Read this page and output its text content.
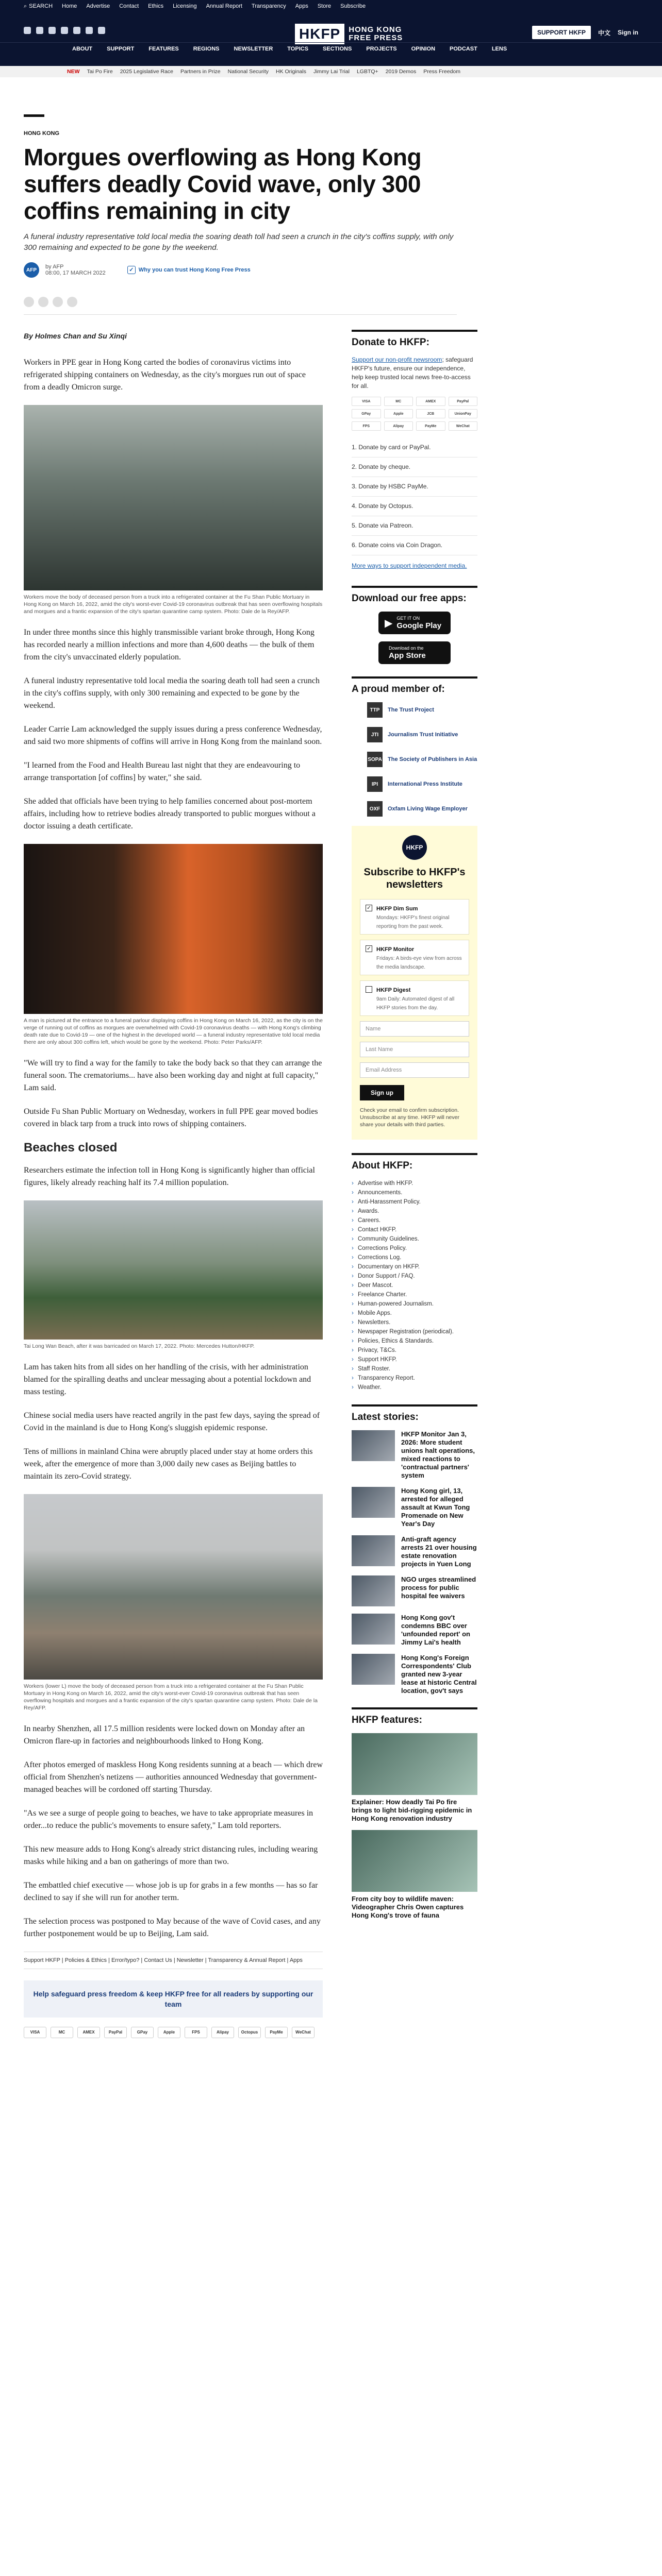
⌕ SEARCH Home Advertise Contact Ethics Licensing Annual Report Transparency Apps Store Subscribe
HKFP	HONG KONG
FREE PRESS
SUPPORT HKFP	中文 Sign in
ABOUT	SUPPORT	FEATURES	REGIONS	NEWSLETTER	TOPICS	SECTIONS	PROJECTS	OPINION	PODCAST	LENS
NEW Tai Po Fire 2025 Legislative Race Partners in Prize National Security HK Originals Jimmy Lai Trial LGBTQ+ 2019 Demos Press Freedom
HONG KONG
Morgues overflowing as Hong Kong suffers deadly Covid wave, only 300 coffins remaining in city

A funeral industry representative told local media the soaring death toll had seen a crunch in the city's coffins supply, with only 300 remaining and expected to be gone by the weekend.

AFP	by AFP
08:00, 17 MARCH 2022	✓ Why you can trust Hong Kong Free Press
By Holmes Chan and Su Xinqi

Workers in PPE gear in Hong Kong carted the bodies of coronavirus victims into refrigerated shipping containers on Wednesday, as the city's morgues run out of space from a deadly Omicron surge.

Workers move the body of deceased person from a truck into a refrigerated container at the Fu Shan Public Mortuary in Hong Kong on March 16, 2022, amid the city's worst-ever Covid-19 coronavirus outbreak that has seen overflowing hospitals and morgues and a frantic expansion of the city's spartan quarantine camp system. Photo: Dale de la Rey/AFP.

In under three months since this highly transmissible variant broke through, Hong Kong has recorded nearly a million infections and more than 4,600 deaths — the bulk of them from the city's unvaccinated elderly population.

A funeral industry representative told local media the soaring death toll had seen a crunch in the city's coffins supply, with only 300 remaining and expected to be gone by the weekend.

Leader Carrie Lam acknowledged the supply issues during a press conference Wednesday, and said two more shipments of coffins will arrive in Hong Kong from the mainland soon.

"I learned from the Food and Health Bureau last night that they are endeavouring to arrange transportation [of coffins] by water," she said.

She added that officials have been trying to help families concerned about post-mortem affairs, including how to retrieve bodies already transported to public morgues without a doctor issuing a death certificate.

A man is pictured at the entrance to a funeral parlour displaying coffins in Hong Kong on March 16, 2022, as the city is on the verge of running out of coffins as morgues are overwhelmed with Covid-19 coronavirus deaths — with Hong Kong's climbing death rate due to Covid-19 — one of the highest in the developed world — a funeral industry representative told local media there are only about 300 coffins left, which would be gone by the weekend. Photo: Peter Parks/AFP.

"We will try to find a way for the family to take the body back so that they can arrange the funeral soon. The crematoriums... have also been working day and night at full capacity," Lam said.

Outside Fu Shan Public Mortuary on Wednesday, workers in full PPE gear moved bodies covered in black tarp from a truck into rows of shipping containers.

Beaches closed

Researchers estimate the infection toll in Hong Kong is significantly higher than official figures, likely already reaching half its 7.4 million population.

Tai Long Wan Beach, after it was barricaded on March 17, 2022. Photo: Mercedes Hutton/HKFP.

Lam has taken hits from all sides on her handling of the crisis, with her administration blamed for the spiralling deaths and unclear messaging about a potential lockdown and mass testing.

Chinese social media users have reacted angrily in the past few days, saying the spread of Covid in the mainland is due to Hong Kong's sluggish epidemic response.

Tens of millions in mainland China were abruptly placed under stay at home orders this week, after the emergence of more than 3,000 daily new cases as Beijing battles to maintain its zero-Covid strategy.

Workers (lower L) move the body of deceased person from a truck into a refrigerated container at the Fu Shan Public Mortuary in Hong Kong on March 16, 2022, amid the city's worst-ever Covid-19 coronavirus outbreak that has seen overflowing hospitals and morgues and a frantic expansion of the city's spartan quarantine camp system. Photo: Dale de la Rey/AFP.

In nearby Shenzhen, all 17.5 million residents were locked down on Monday after an Omicron flare-up in factories and neighbourhoods linked to Hong Kong.

After photos emerged of maskless Hong Kong residents sunning at a beach — which drew official from Shenzhen's netizens — authorities announced Wednesday that government-managed beaches will be cordoned off starting Thursday.

"As we see a surge of people going to beaches, we have to take appropriate measures in order...to reduce the public's movements to ensure safety," Lam told reporters.

This new measure adds to Hong Kong's already strict distancing rules, including wearing masks while hiking and a ban on gatherings of more than two.

The embattled chief executive — whose job is up for grabs in a few months — has so far declined to say if she will run for another term.

The selection process was postponed to May because of the wave of Covid cases, and any further postponement would be up to Beijing, Lam said.

Support HKFP | Policies & Ethics | Error/typo? | Contact Us | Newsletter | Transparency & Annual Report | Apps
Help safeguard press freedom & keep HKFP free for all readers by supporting our team
VISA	MC	AMEX	PayPal	GPay	Apple	FPS	Alipay	Octopus	PayMe	WeChat
Donate to HKFP:
Support our non-profit newsroom; safeguard HKFP's future, ensure our independence, help keep trusted local news free-to-access for all.
VISA	MC	AMEX	PayPal
GPay	Apple	JCB	UnionPay
FPS	Alipay	PayMe	WeChat
1. Donate by card or PayPal.
2. Donate by cheque.
3. Donate by HSBC PayMe.
4. Donate by Octopus.
5. Donate via Patreon.
6. Donate coins via Coin Dragon.
More ways to support independent media.
Download our free apps:
▶ GET IT ON
Google Play
Download on the
App Store
A proud member of:
TTP	The Trust Project
JTI	Journalism Trust Initiative
SOPA The Society of Publishers in Asia
IPI	International Press Institute
OXF	Oxfam Living Wage Employer
HKFP
Subscribe to HKFP's newsletters
✓ HKFP Dim Sum
Mondays: HKFP's finest original reporting from the past week.
✓ HKFP Monitor
Fridays: A birds-eye view from across the media landscape.
HKFP Digest
9am Daily: Automated digest of all HKFP stories from the day.
Name
Last Name
Email Address
Sign up
Check your email to confirm subscription. Unsubscribe at any time. HKFP will never share your details with third parties.
About HKFP:
› Advertise with HKFP.
› Announcements.
› Anti-Harassment Policy.
› Awards.
› Careers.
› Contact HKFP.
› Community Guidelines.
› Corrections Policy.
› Corrections Log.
› Documentary on HKFP.
› Donor Support / FAQ.
› Deer Mascot.
› Freelance Charter.
› Human-powered Journalism.
› Mobile Apps.
› Newsletters.
› Newspaper Registration (periodical).
› Policies, Ethics & Standards.
› Privacy, T&Cs.
› Support HKFP.
› Staff Roster.
› Transparency Report.
› Weather.
Latest stories:
HKFP Monitor Jan 3, 2026: More student unions halt operations, mixed reactions to 'contractual partners' system
Hong Kong girl, 13, arrested for alleged assault at Kwun Tong Promenade on New Year's Day
Anti-graft agency arrests 21 over housing estate renovation projects in Yuen Long
NGO urges streamlined process for public hospital fee waivers
Hong Kong gov't condemns BBC over 'unfounded report' on Jimmy Lai's health
Hong Kong's Foreign Correspondents' Club granted new 3-year lease at historic Central location, gov't says
HKFP features:
Explainer: How deadly Tai Po fire brings to light bid-rigging epidemic in Hong Kong renovation industry
From city boy to wildlife maven: Videographer Chris Owen captures Hong Kong's trove of fauna
